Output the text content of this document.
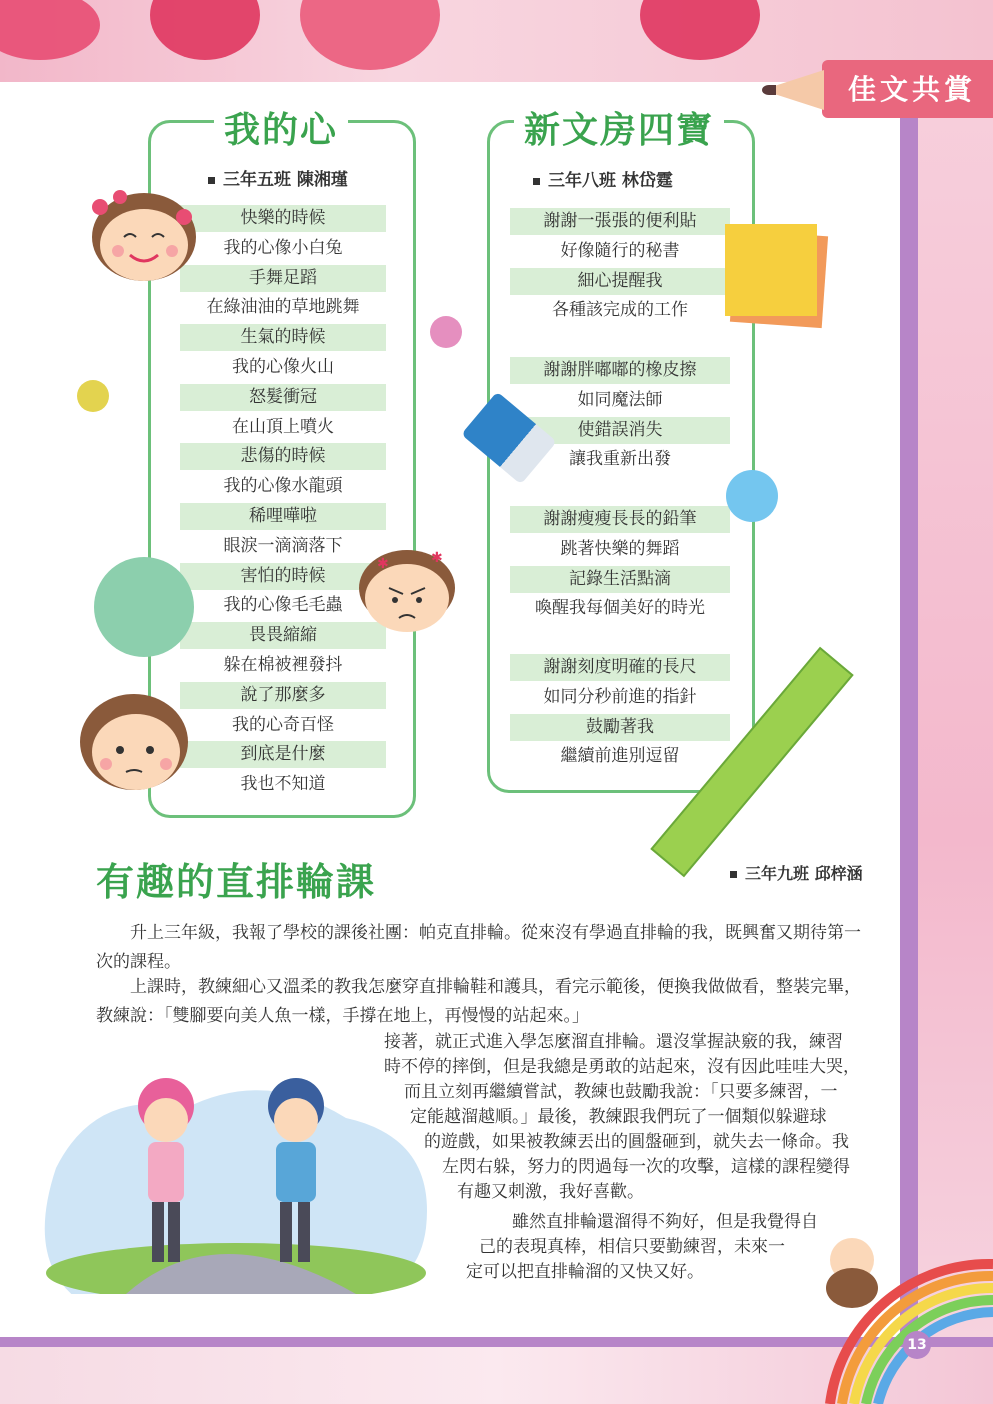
佳文共賞
我的心
三年五班 陳湘瑾
快樂的時候
我的心像小白兔
手舞足蹈
在綠油油的草地跳舞
生氣的時候
我的心像火山
怒髮衝冠
在山頂上噴火
悲傷的時候
我的心像水龍頭
稀哩嘩啦
眼淚一滴滴落下
害怕的時候
我的心像毛毛蟲
畏畏縮縮
躲在棉被裡發抖
說了那麼多
我的心奇百怪
到底是什麼
我也不知道
新文房四寶
三年八班 林岱霆
謝謝一張張的便利貼
好像隨行的秘書
細心提醒我
各種該完成的工作
謝謝胖嘟嘟的橡皮擦
如同魔法師
使錯誤消失
讓我重新出發
謝謝瘦瘦長長的鉛筆
跳著快樂的舞蹈
記錄生活點滴
喚醒我每個美好的時光
謝謝刻度明確的長尺
如同分秒前進的指針
鼓勵著我
繼續前進別逗留
✱	✱
有趣的直排輪課	三年九班 邱梓涵
升上三年級，我報了學校的課後社團：帕克直排輪。從來沒有學過直排輪的我，既興奮又期待第一次的課程。
上課時，教練細心又溫柔的教我怎麼穿直排輪鞋和護具，看完示範後，便換我做做看，整裝完畢，教練說：「雙腳要向美人魚一樣，手撐在地上，再慢慢的站起來。」
接著，就正式進入學怎麼溜直排輪。還沒掌握訣竅的我，練習
時不停的摔倒，但是我總是勇敢的站起來，沒有因此哇哇大哭，
而且立刻再繼續嘗試，教練也鼓勵我說：「只要多練習，一
定能越溜越順。」最後，教練跟我們玩了一個類似躲避球
的遊戲，如果被教練丟出的圓盤砸到，就失去一條命。我
左閃右躲，努力的閃過每一次的攻擊，這樣的課程變得
有趣又刺激，我好喜歡。
雖然直排輪還溜得不夠好，但是我覺得自
己的表現真棒，相信只要勤練習，未來一
定可以把直排輪溜的又快又好。
13
